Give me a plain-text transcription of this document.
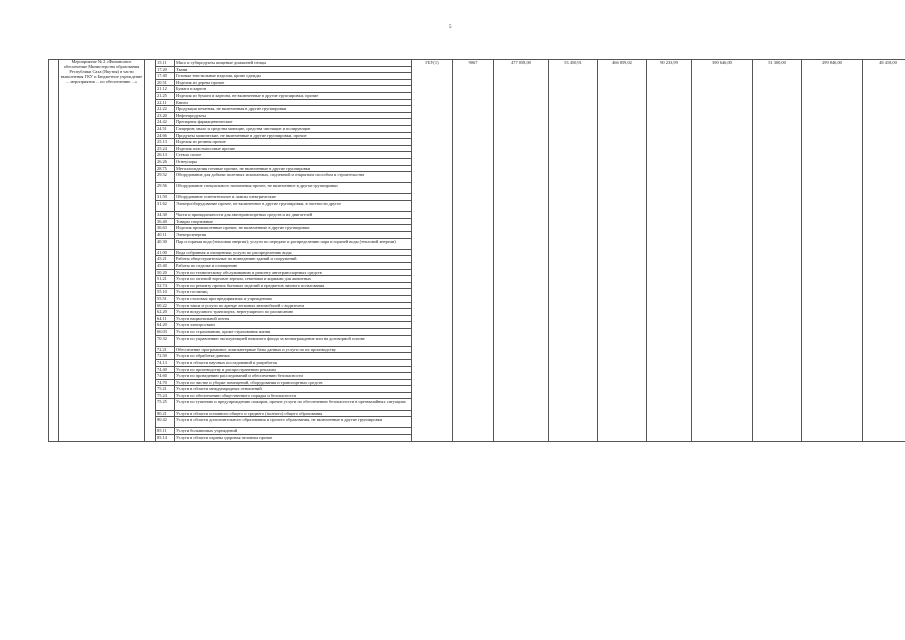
5
	Мероприятие № 2 «Финансовое обеспечение Министерства образования Республики Саха (Якутия) в части выполнения ГКУ и Бюджетное учреждение ... мероприятия ... по обеспечению ...»		15.11	Мясо и субпродукты пищевые домашней птицы	ГБУ(1)	9067	477 058,00	53 450,91	466 859,02	90 233,99	390 646,00	51 300,00	299 846,00	48 418,00
			17.20	Ткани										
			17.40	Готовые текстильные изделия, кроме одежды										
			20.51	Изделия из дерева прочие										
			21.12	Бумага и картон										
			21.25	Изделия из бумаги и картона, не включенные в другие группировки, прочие										
			22.11	Книги										
			22.22	Продукция печатная, не включенная в другие группировки										
			23.20	Нефтепродукты										
			24.42	Препараты фармацевтические										
			24.51	Глицерин; мыло и средства моющие, средства чистящие и полирующие										
			24.66	Продукты химические, не включенные в другие группировки, прочие										
			25.13	Изделия из резины прочие										
			25.24	Изделия пластмассовые прочие										
			26.13	Стекло полое										
			26.26	Огнеупоры										
			28.75	Металлоизделия готовые прочие, не включенные в другие группировки										
			29.52	Оборудование для добычи полезных ископаемых, подземной и открытым способом и строительства										
			29.56	Оборудование специального назначения прочее, не включенное в другие группировки										
			31.50	Оборудование осветительное и лампы электрические										
			31.62	Электрооборудование прочее, не включенное в другие группировки, в частности другое										
			34.30	Части и принадлежности для автотранспортных средств и их двигателей										
			36.40	Товары спортивные										
			36.63	Изделия промышленные прочие, не включенные в другие группировки										
			40.11	Электроэнергия										
			40.30	Пар и горячая вода (тепловая энергия); услуги по передаче и распределению пара и горячей воды (тепловой энергии)										
			41.00	Вода собранная и очищенная; услуги по распределению воды										
			45.21	Работы общестроительные по возведению зданий и сооружений										
			45.40	Работы по отделке и оснащению										
			50.20	Услуги по техническому обслуживанию и ремонту автотранспортных средств										
			51.21	Услуги по оптовой торговле зерном, семенами и кормами для животных										
			52.74	Услуги по ремонту прочих бытовых изделий и предметов личного пользования										
			55.10	Услуги гостиниц										
			55.51	Услуги столовых при предприятиях и учреждениях										
			60.22	Услуги такси и услуги по аренде легковых автомобилей с водителем										
			62.20	Услуги воздушного транспорта, нерегулярного по расписанию										
			64.11	Услуги национальной почты										
			64.20	Услуги электросвязи										
			66.03	Услуги по страхованию, кроме страхования жизни										
			70.32	Услуги по управлению эксплуатацией нежилого фонда за вознаграждение или на договорной основе										
			72.21	Обеспечение программное, компьютерные базы данных и услуги по их производству										
			72.50	Услуги по обработке данных										
			74.13	Услуги в области научных исследований и разработок										
			74.40	Услуги по производству и распространению рекламы										
			74.60	Услуги по проведению расследований и обеспечению безопасности										
			74.70	Услуги по чистке и уборке помещений, оборудования и транспортных средств										
			75.21	Услуги в области международных отношений										
			75.24	Услуги по обеспечению общественного порядка и безопасности										
			75.25	Услуги по тушению и предупреждению пожаров, прочие услуги по обеспечению безопасности в чрезвычайных ситуациях										
			80.21	Услуги в области основного общего и среднего (полного) общего образования										
			80.42	Услуги в области дополнительного образования и прочего образования, не включенные в другие группировки										
			85.11	Услуги больничных учреждений										
			85.14	Услуги в области охраны здоровья человека прочие										
